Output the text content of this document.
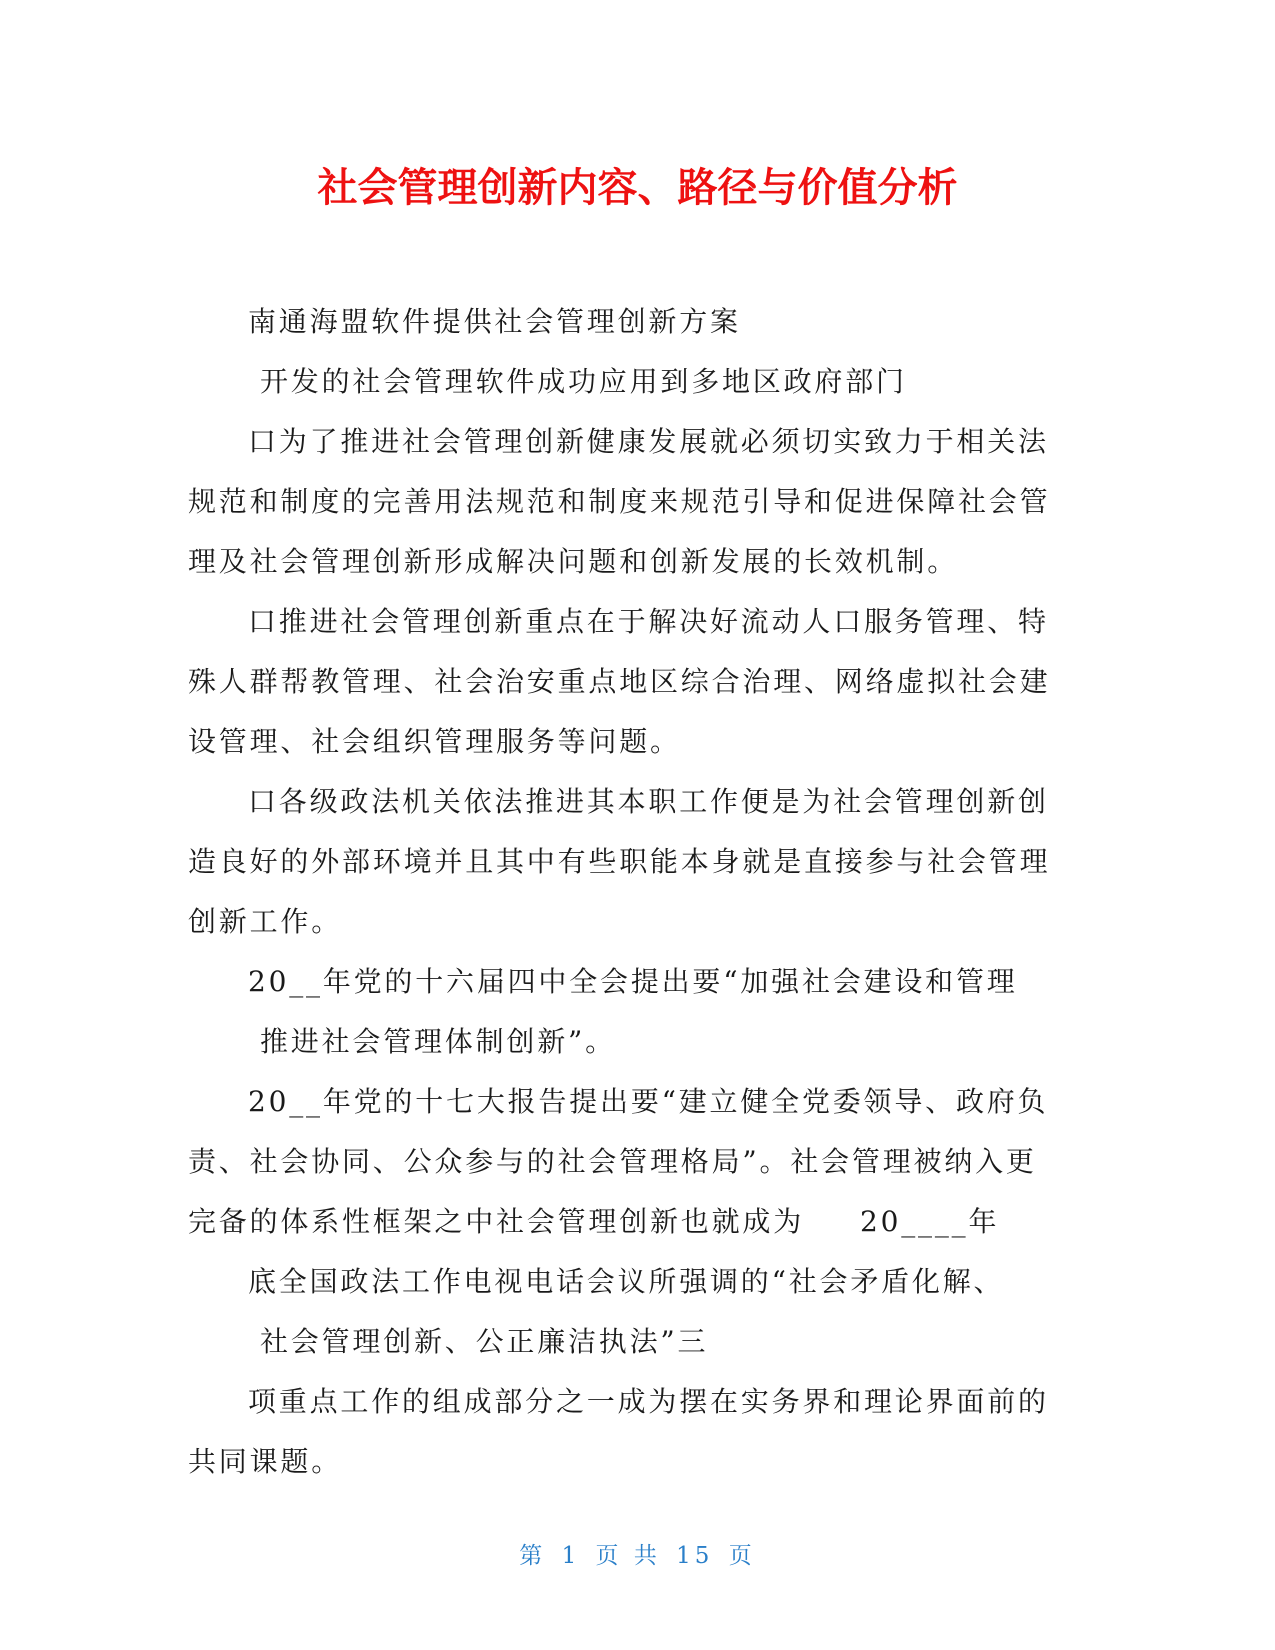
社会管理创新内容、路径与价值分析
南通海盟软件提供社会管理创新方案
开发的社会管理软件成功应用到多地区政府部门
口为了推进社会管理创新健康发展就必须切实致力于相关法
规范和制度的完善用法规范和制度来规范引导和促进保障社会管
理及社会管理创新形成解决问题和创新发展的长效机制。
口推进社会管理创新重点在于解决好流动人口服务管理、特
殊人群帮教管理、社会治安重点地区综合治理、网络虚拟社会建
设管理、社会组织管理服务等问题。
口各级政法机关依法推进其本职工作便是为社会管理创新创
造良好的外部环境并且其中有些职能本身就是直接参与社会管理
创新工作。
20__年党的十六届四中全会提出要“加强社会建设和管理
推进社会管理体制创新”。
20__年党的十七大报告提出要“建立健全党委领导、政府负
责、社会协同、公众参与的社会管理格局”。社会管理被纳入更
完备的体系性框架之中社会管理创新也就成为 20____年
底全国政法工作电视电话会议所强调的“社会矛盾化解、
社会管理创新、公正廉洁执法”三
项重点工作的组成部分之一成为摆在实务界和理论界面前的
共同课题。
第 1 页 共 15 页
